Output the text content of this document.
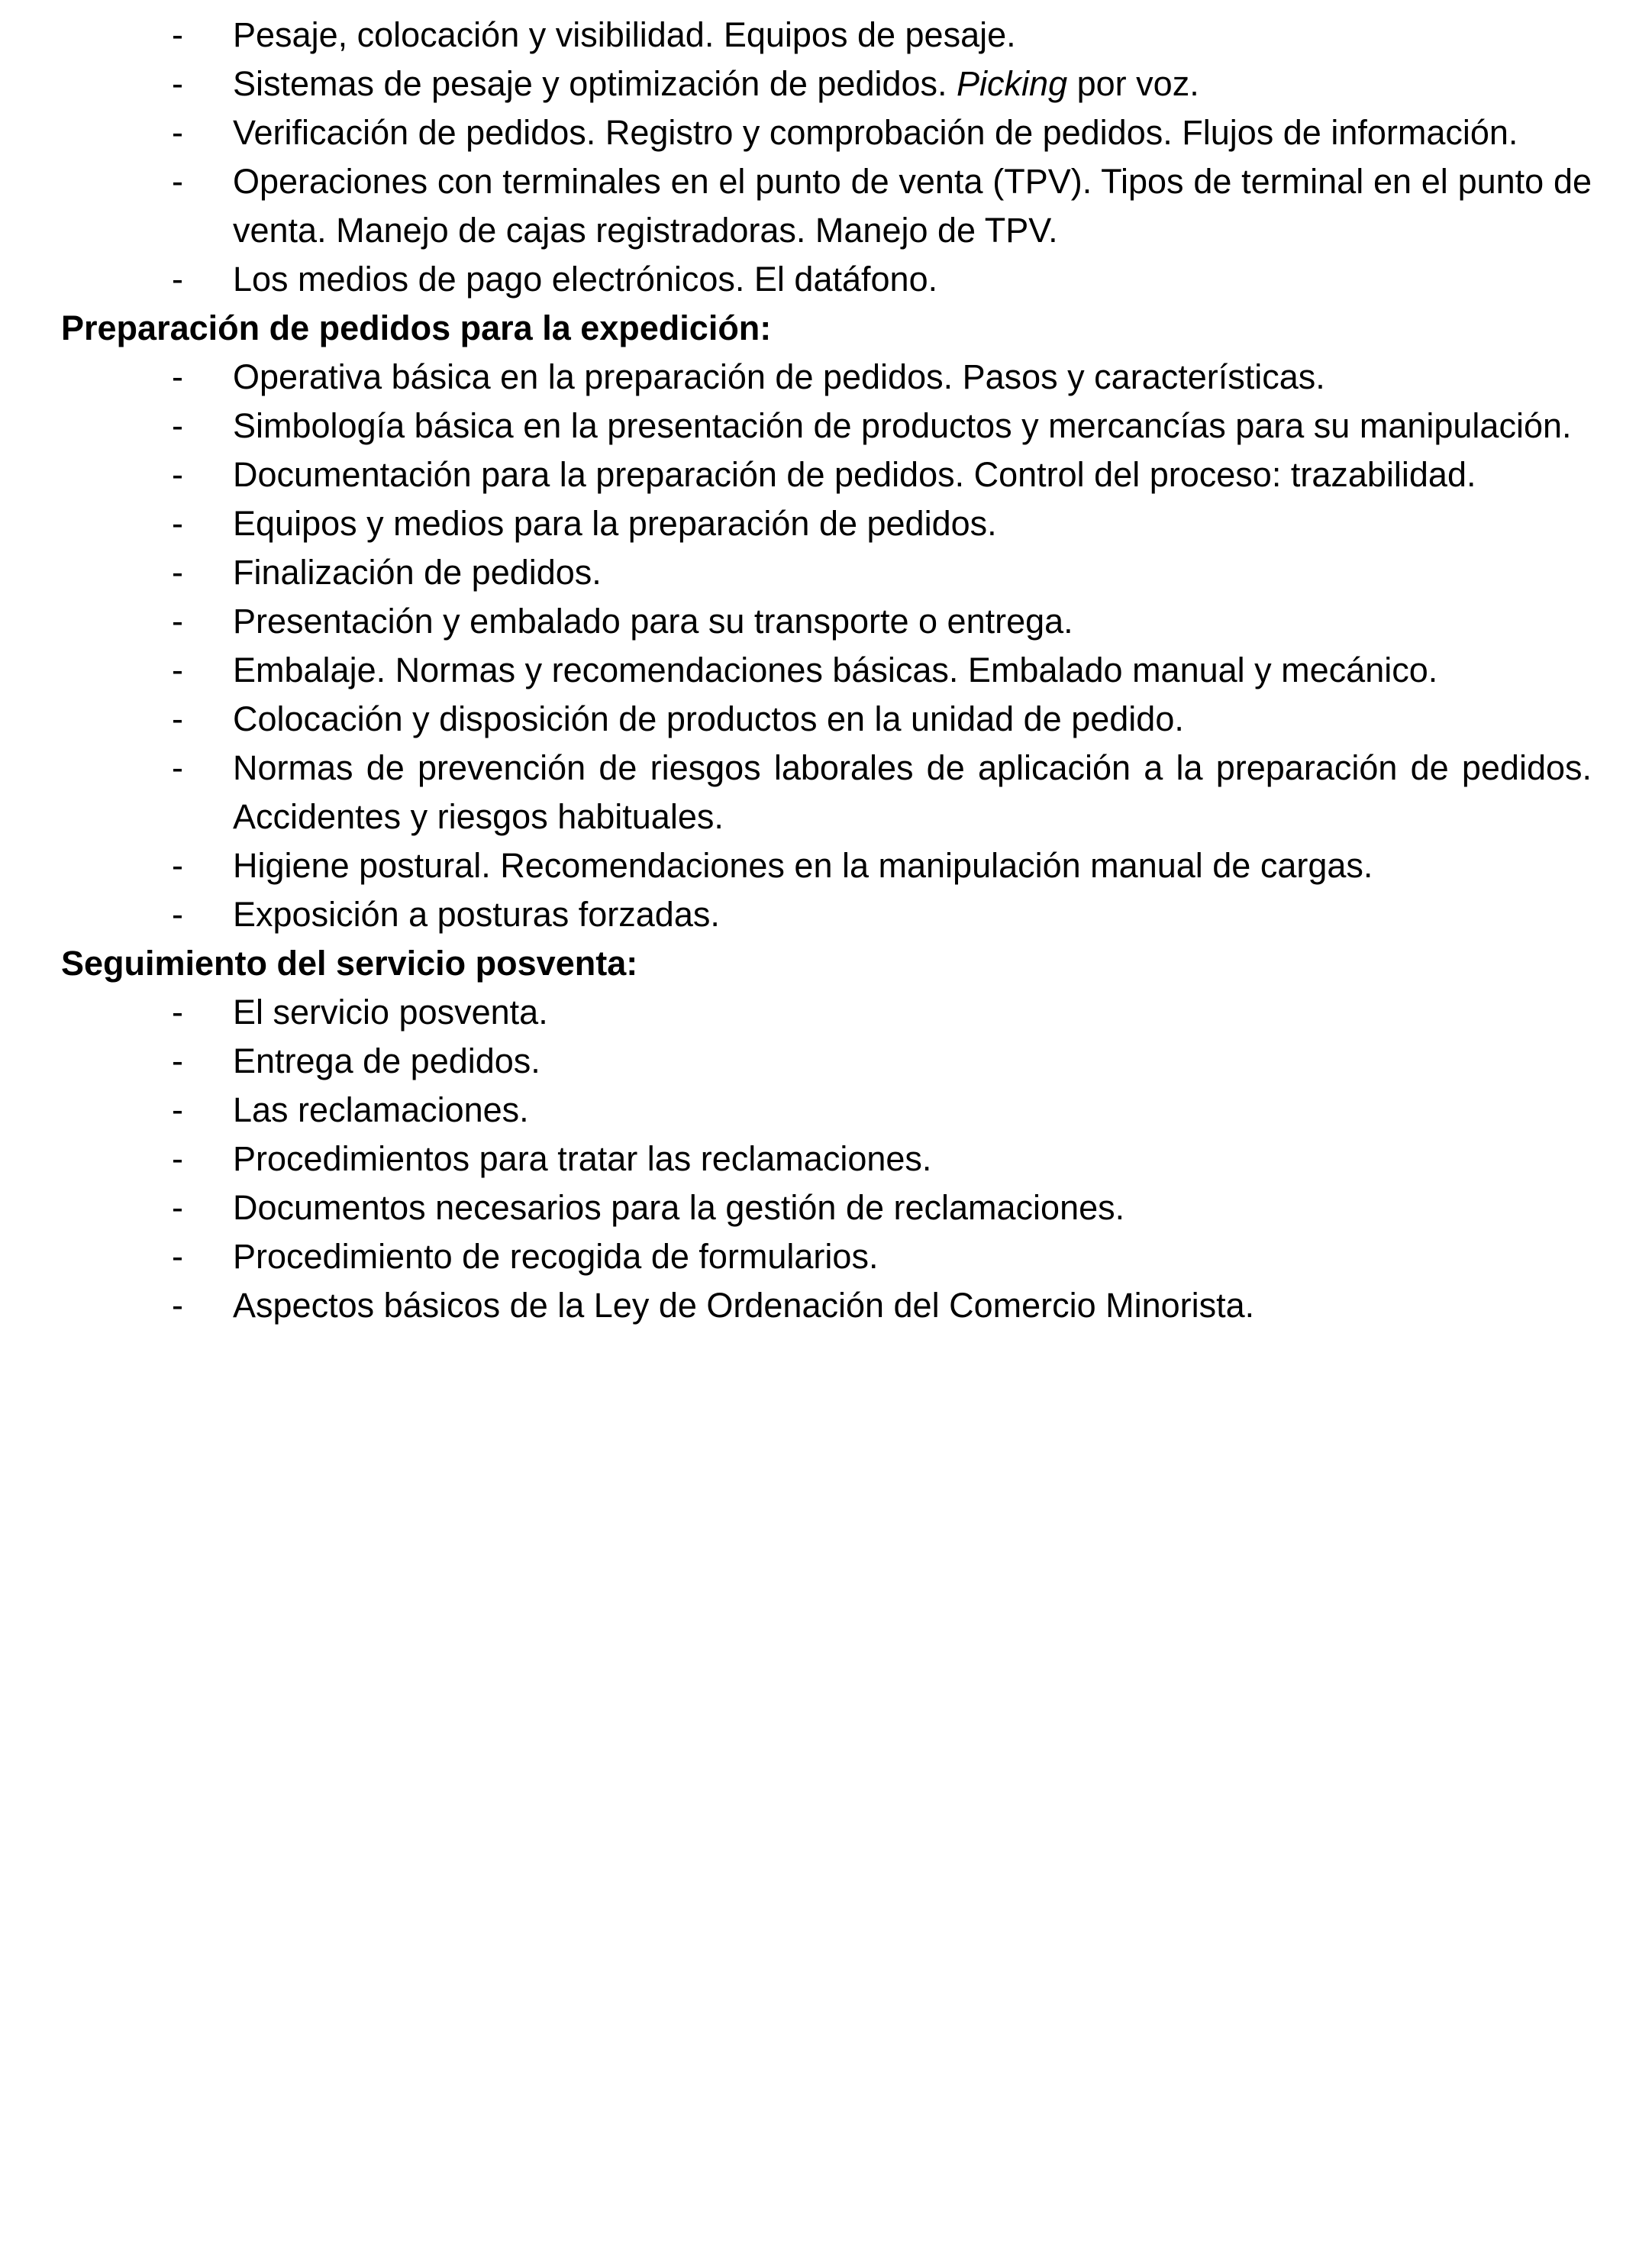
- Pesaje, colocación y visibilidad. Equipos de pesaje.
- Sistemas de pesaje y optimización de pedidos. Picking por voz.
- Verificación de pedidos. Registro y comprobación de pedidos. Flujos de información.
- Operaciones con terminales en el punto de venta (TPV). Tipos de terminal en el punto de venta. Manejo de cajas registradoras. Manejo de TPV.
- Los medios de pago electrónicos. El datáfono.

Preparación de pedidos para la expedición:

- Operativa básica en la preparación de pedidos. Pasos y características.
- Simbología básica en la presentación de productos y mercancías para su manipulación.
- Documentación para la preparación de pedidos. Control del proceso: trazabilidad.
- Equipos y medios para la preparación de pedidos.
- Finalización de pedidos.
- Presentación y embalado para su transporte o entrega.
- Embalaje. Normas y recomendaciones básicas. Embalado manual y mecánico.
- Colocación y disposición de productos en la unidad de pedido.
- Normas de prevención de riesgos laborales de aplicación a la preparación de pedidos. Accidentes y riesgos habituales.
- Higiene postural. Recomendaciones en la manipulación manual de cargas.
- Exposición a posturas forzadas.

Seguimiento del servicio posventa:

- El servicio posventa.
- Entrega de pedidos.
- Las reclamaciones.
- Procedimientos para tratar las reclamaciones.
- Documentos necesarios para la gestión de reclamaciones.
- Procedimiento de recogida de formularios.
- Aspectos básicos de la Ley de Ordenación del Comercio Minorista.
